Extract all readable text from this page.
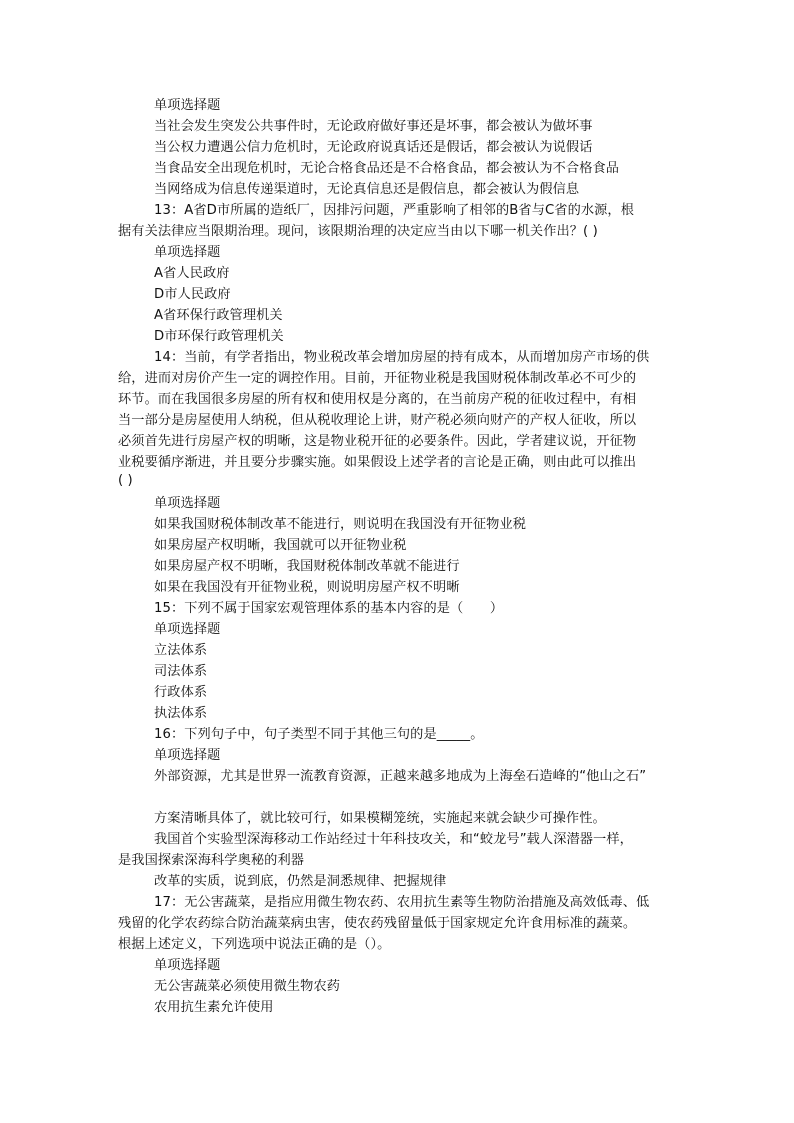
单项选择题
当社会发生突发公共事件时，无论政府做好事还是坏事，都会被认为做坏事
当公权力遭遇公信力危机时，无论政府说真话还是假话，都会被认为说假话
当食品安全出现危机时，无论合格食品还是不合格食品，都会被认为不合格食品
当网络成为信息传递渠道时，无论真信息还是假信息，都会被认为假信息
13：A省D市所属的造纸厂，因排污问题，严重影响了相邻的B省与C省的水源，根
据有关法律应当限期治理。现问，该限期治理的决定应当由以下哪一机关作出？( )
单项选择题
A省人民政府
D市人民政府
A省环保行政管理机关
D市环保行政管理机关
14：当前，有学者指出，物业税改革会增加房屋的持有成本，从而增加房产市场的供
给，进而对房价产生一定的调控作用。目前，开征物业税是我国财税体制改革必不可少的
环节。而在我国很多房屋的所有权和使用权是分离的，在当前房产税的征收过程中，有相
当一部分是房屋使用人纳税，但从税收理论上讲，财产税必须向财产的产权人征收，所以
必须首先进行房屋产权的明晰，这是物业税开征的必要条件。因此，学者建议说，开征物
业税要循序渐进，并且要分步骤实施。如果假设上述学者的言论是正确，则由此可以推出
( )
单项选择题
如果我国财税体制改革不能进行，则说明在我国没有开征物业税
如果房屋产权明晰，我国就可以开征物业税
如果房屋产权不明晰，我国财税体制改革就不能进行
如果在我国没有开征物业税，则说明房屋产权不明晰
15：下列不属于国家宏观管理体系的基本内容的是（　　）
单项选择题
立法体系
司法体系
行政体系
执法体系
16：下列句子中，句子类型不同于其他三句的是_____。
单项选择题
外部资源，尤其是世界一流教育资源，正越来越多地成为上海垒石造峰的“他山之石”
方案清晰具体了，就比较可行，如果模糊笼统，实施起来就会缺少可操作性。
我国首个实验型深海移动工作站经过十年科技攻关，和“蛟龙号”载人深潜器一样，
是我国探索深海科学奥秘的利器
改革的实质，说到底，仍然是洞悉规律、把握规律
17：无公害蔬菜，是指应用微生物农药、农用抗生素等生物防治措施及高效低毒、低
残留的化学农药综合防治蔬菜病虫害，使农药残留量低于国家规定允许食用标准的蔬菜。
根据上述定义，下列选项中说法正确的是（）。
单项选择题
无公害蔬菜必须使用微生物农药
农用抗生素允许使用
